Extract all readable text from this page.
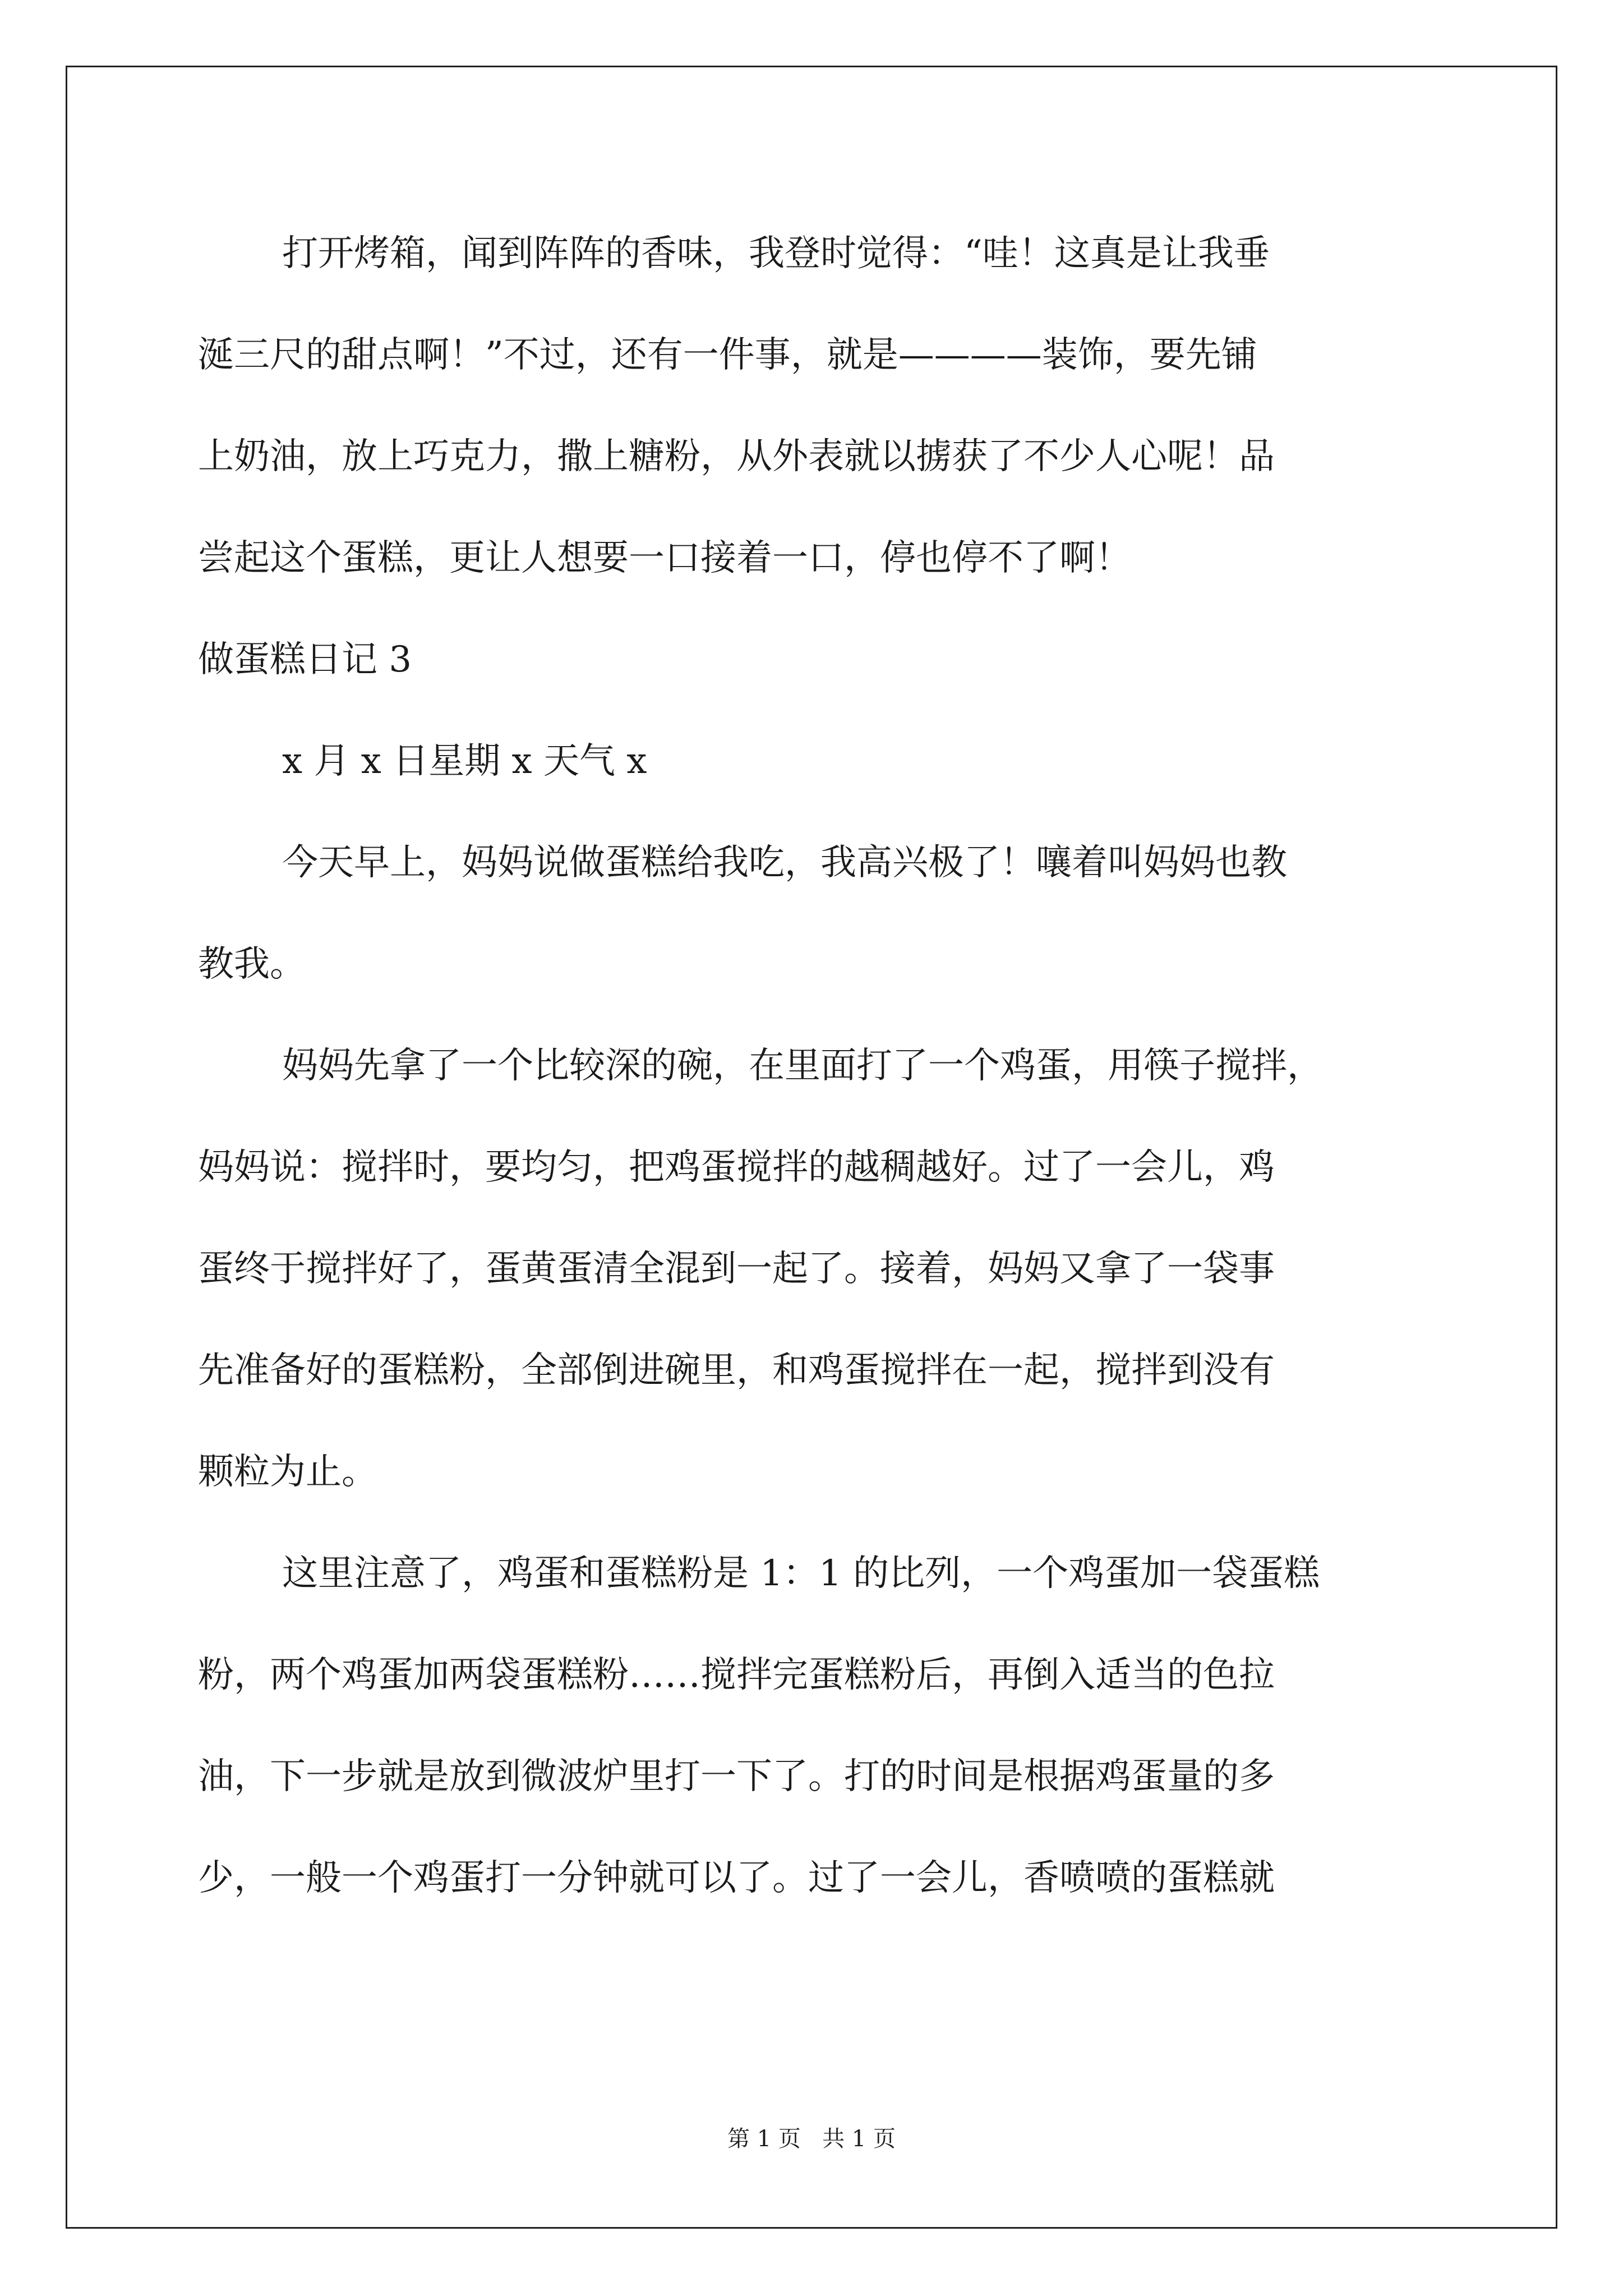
打开烤箱，闻到阵阵的香味，我登时觉得：“哇！这真是让我垂
涎三尺的甜点啊！”不过，还有一件事，就是————装饰，要先铺
上奶油，放上巧克力，撒上糖粉，从外表就以掳获了不少人心呢！品
尝起这个蛋糕，更让人想要一口接着一口，停也停不了啊！
做蛋糕日记 3
x 月 x 日星期 x 天气 x
今天早上，妈妈说做蛋糕给我吃，我高兴极了！嚷着叫妈妈也教
教我。
妈妈先拿了一个比较深的碗，在里面打了一个鸡蛋，用筷子搅拌，
妈妈说：搅拌时，要均匀，把鸡蛋搅拌的越稠越好。过了一会儿，鸡
蛋终于搅拌好了，蛋黄蛋清全混到一起了。接着，妈妈又拿了一袋事
先准备好的蛋糕粉，全部倒进碗里，和鸡蛋搅拌在一起，搅拌到没有
颗粒为止。
这里注意了，鸡蛋和蛋糕粉是 1：1 的比列，一个鸡蛋加一袋蛋糕
粉，两个鸡蛋加两袋蛋糕粉……搅拌完蛋糕粉后，再倒入适当的色拉
油，下一步就是放到微波炉里打一下了。打的时间是根据鸡蛋量的多
少，一般一个鸡蛋打一分钟就可以了。过了一会儿，香喷喷的蛋糕就
第 1 页   共 1 页
